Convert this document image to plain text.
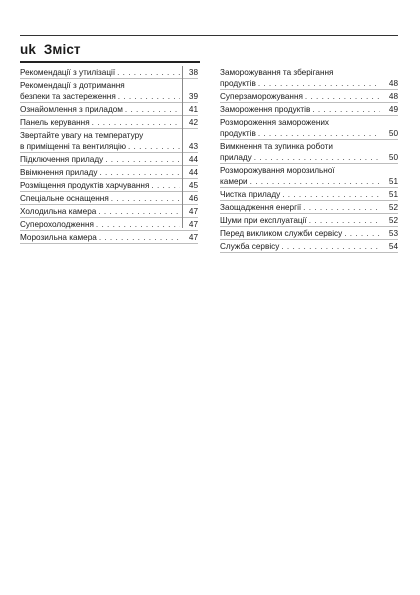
uk Зміст
Рекомендації з утилізації . . .	38
Рекомендації з дотримання
безпеки та застереження . . .	39
Ознайомлення з приладом . . .	41
Панель керування . . .	42
Звертайте увагу на температуру
в приміщенні та вентиляцію . . .	43
Підключення приладу . . .	44
Ввімкнення приладу . . .	44
Розміщення продуктів харчування . . .	45
Спеціальне оснащення . . .	46
Холодильна камера . . .	47
Суперохолодження . . .	47
Морозильна камера . . .	47
Заморожування та зберігання
продуктів . . .	48
Суперзаморожування . . .	48
Замороження продуктів . . .	49
Розмороження заморожених
продуктів . . .	50
Вимкнення та зупинка роботи
приладу . . .	50
Розморожування морозильної
камери . . .	51
Чистка приладу . . .	51
Заощадження енергії . . .	52
Шуми при експлуатації . . .	52
Перед викликом служби сервісу . . .	53
Служба сервісу . . .	54
